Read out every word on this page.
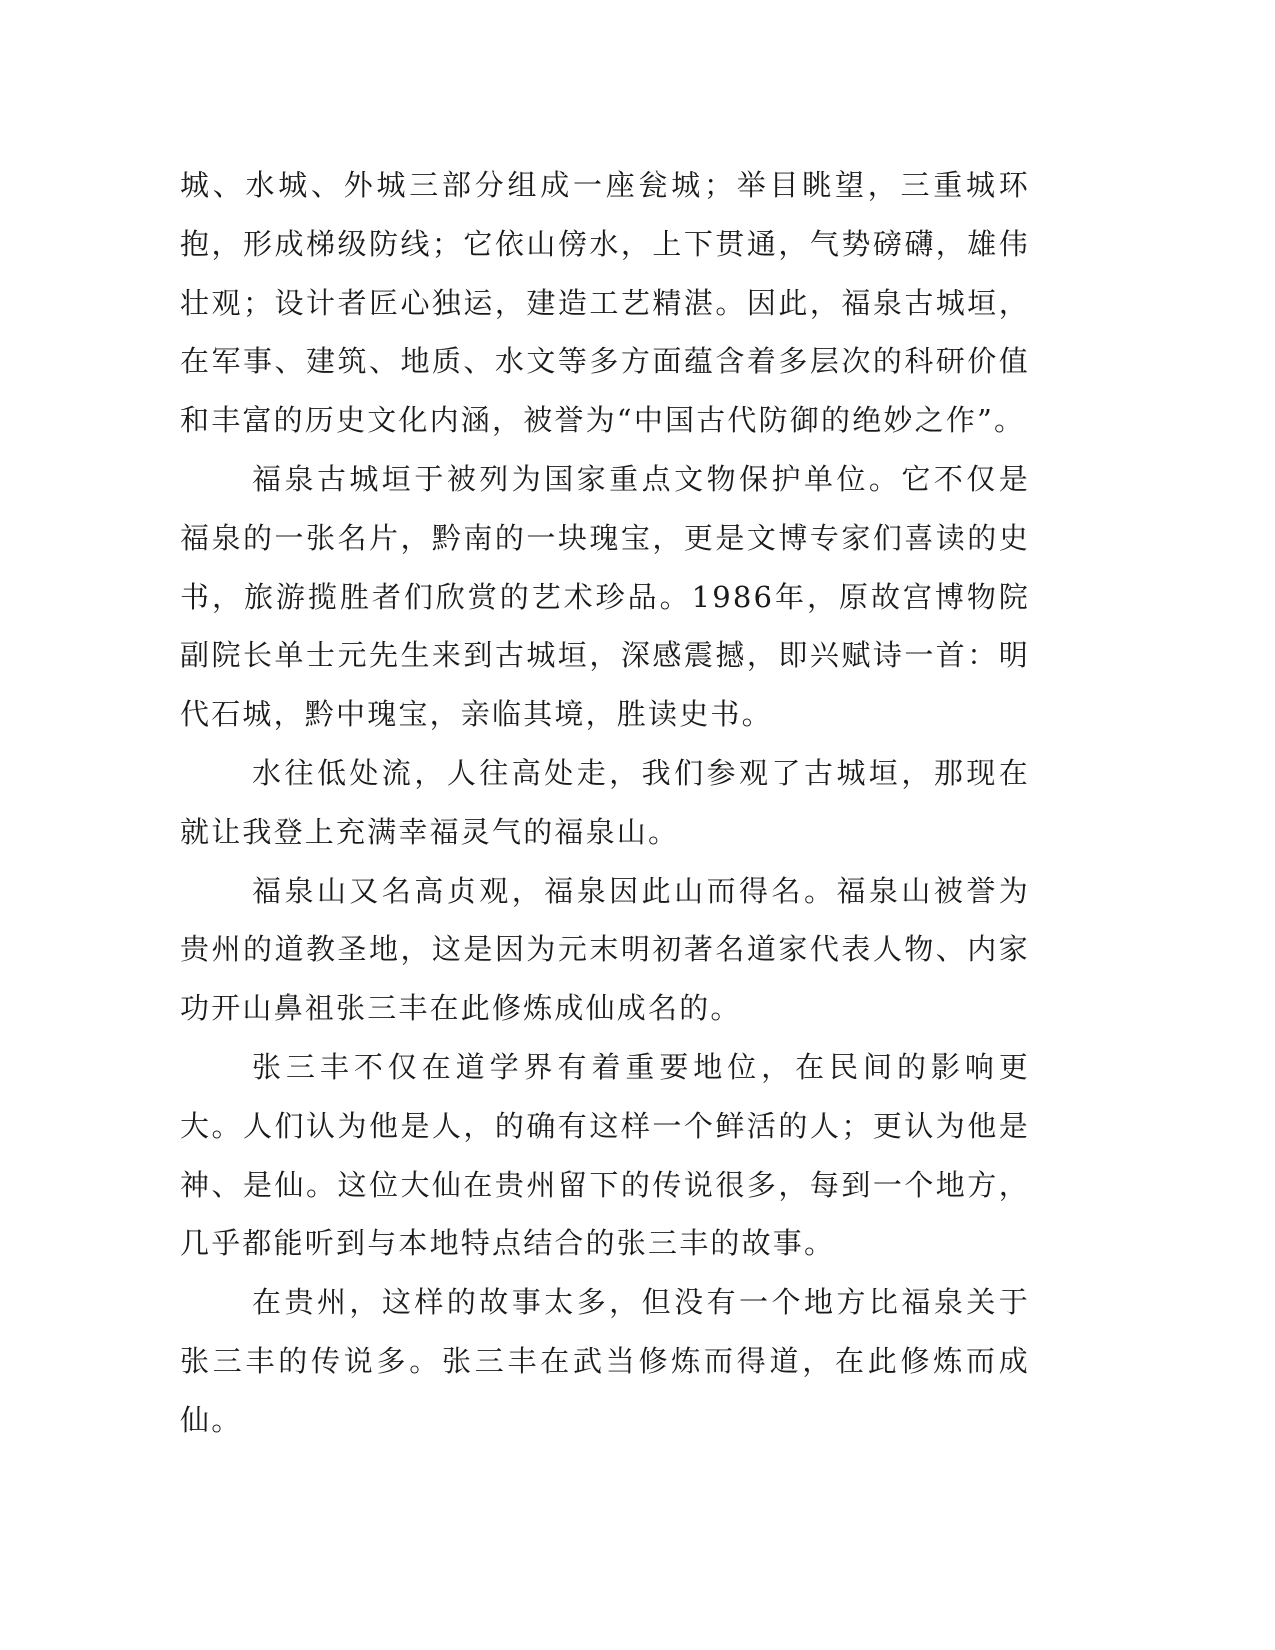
城、水城、外城三部分组成一座瓮城；举目眺望，三重城环抱，形成梯级防线；它依山傍水，上下贯通，气势磅礴，雄伟壮观；设计者匠心独运，建造工艺精湛。因此，福泉古城垣，在军事、建筑、地质、水文等多方面蕴含着多层次的科研价值和丰富的历史文化内涵，被誉为“中国古代防御的绝妙之作”。

福泉古城垣于被列为国家重点文物保护单位。它不仅是福泉的一张名片，黔南的一块瑰宝，更是文博专家们喜读的史书，旅游揽胜者们欣赏的艺术珍品。1986年，原故宫博物院副院长单士元先生来到古城垣，深感震撼，即兴赋诗一首：明代石城，黔中瑰宝，亲临其境，胜读史书。

水往低处流，人往高处走，我们参观了古城垣，那现在就让我登上充满幸福灵气的福泉山。

福泉山又名高贞观，福泉因此山而得名。福泉山被誉为贵州的道教圣地，这是因为元末明初著名道家代表人物、内家功开山鼻祖张三丰在此修炼成仙成名的。

张三丰不仅在道学界有着重要地位，在民间的影响更大。人们认为他是人，的确有这样一个鲜活的人；更认为他是神、是仙。这位大仙在贵州留下的传说很多，每到一个地方，几乎都能听到与本地特点结合的张三丰的故事。

在贵州，这样的故事太多，但没有一个地方比福泉关于张三丰的传说多。张三丰在武当修炼而得道，在此修炼而成仙。
